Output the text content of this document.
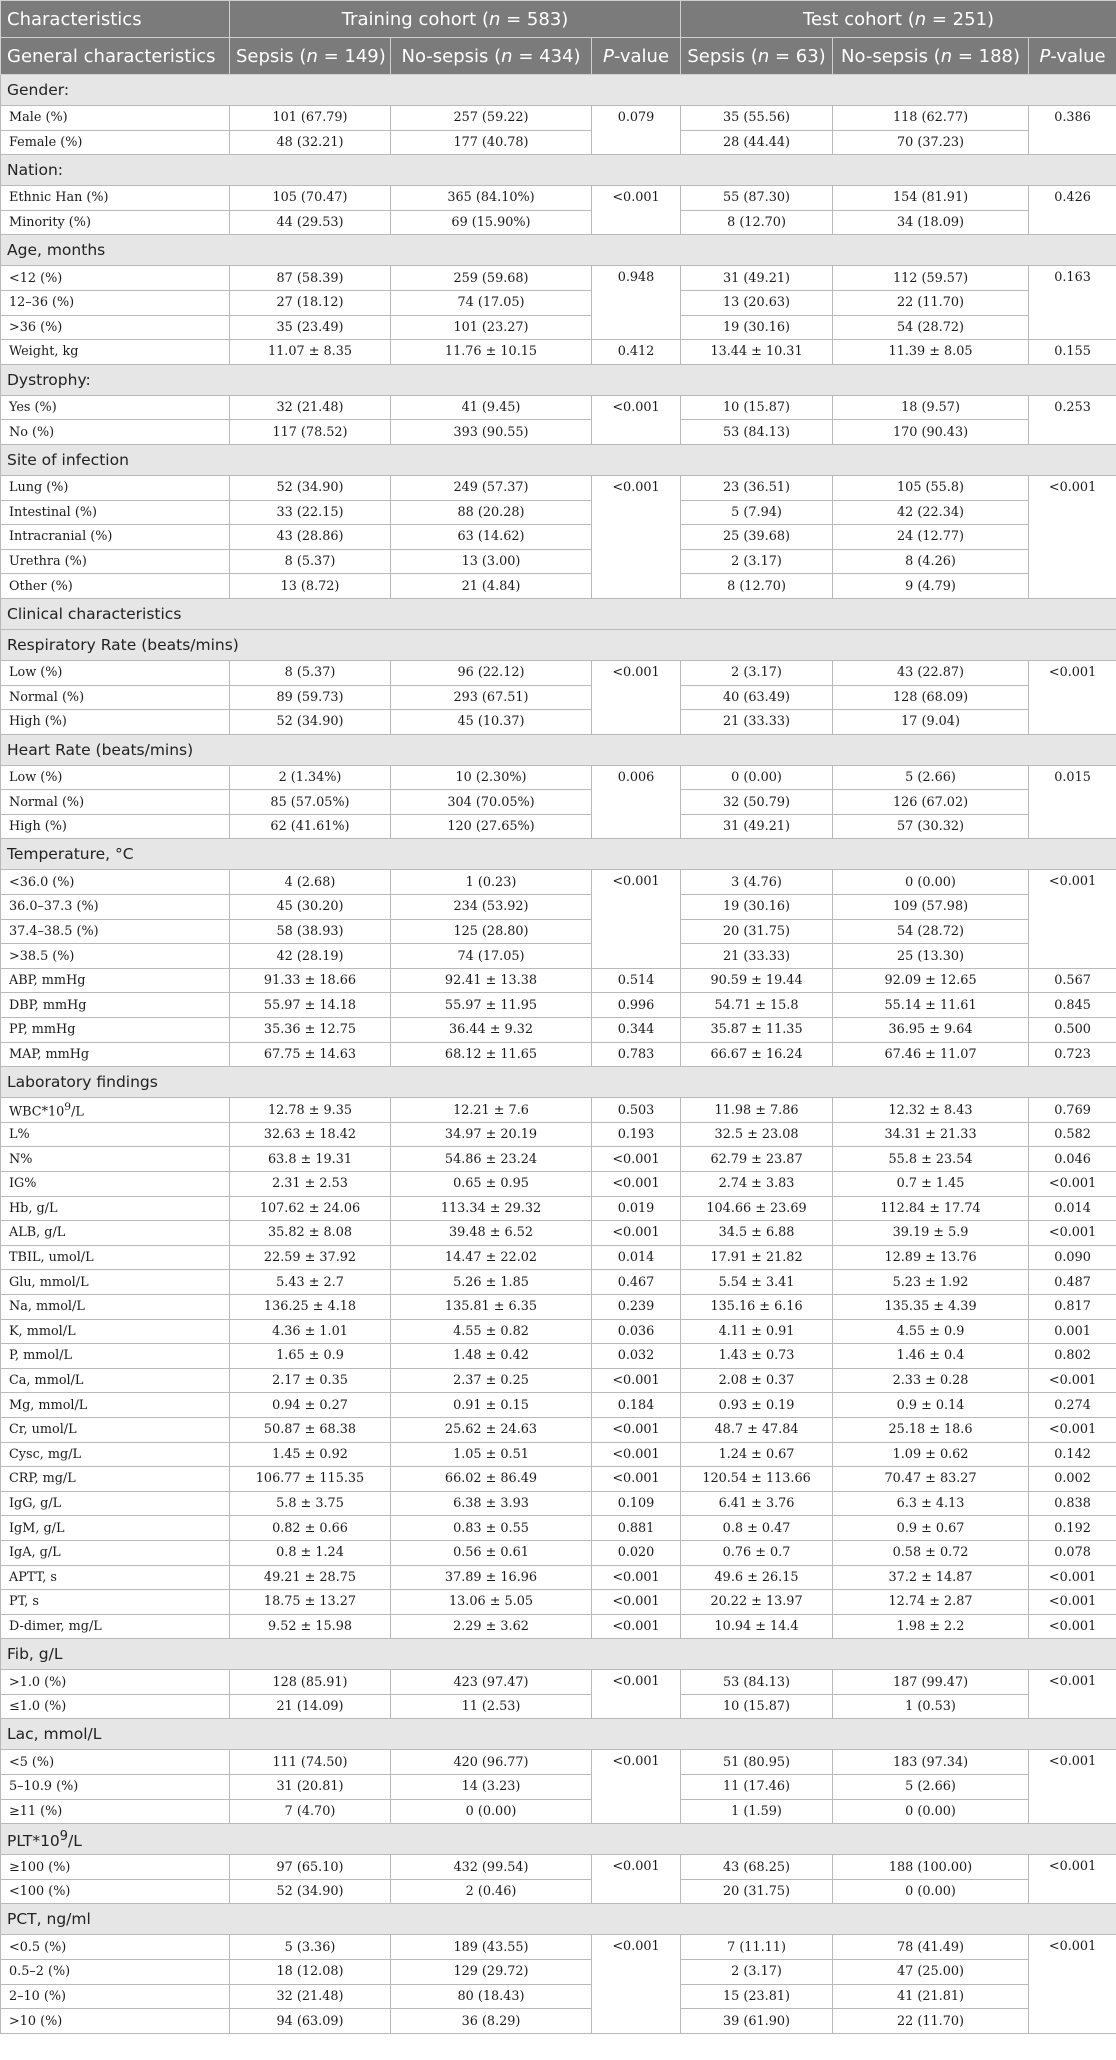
Characteristics	Training cohort (n = 583)			Test cohort (n = 251)		
General characteristics	Sepsis (n = 149)	No-sepsis (n = 434)	P-value	Sepsis (n = 63)	No-sepsis (n = 188)	P-value
Gender:						
Male (%)	101 (67.79)	257 (59.22)	0.079	35 (55.56)	118 (62.77)	0.386
Female (%)	48 (32.21)	177 (40.78)		28 (44.44)	70 (37.23)	
Nation:						
Ethnic Han (%)	105 (70.47)	365 (84.10%)	<0.001	55 (87.30)	154 (81.91)	0.426
Minority (%)	44 (29.53)	69 (15.90%)		8 (12.70)	34 (18.09)	
Age, months						
<12 (%)	87 (58.39)	259 (59.68)	0.948	31 (49.21)	112 (59.57)	0.163
12–36 (%)	27 (18.12)	74 (17.05)		13 (20.63)	22 (11.70)	
>36 (%)	35 (23.49)	101 (23.27)		19 (30.16)	54 (28.72)	
Weight, kg	11.07 ± 8.35	11.76 ± 10.15	0.412	13.44 ± 10.31	11.39 ± 8.05	0.155
Dystrophy:						
Yes (%)	32 (21.48)	41 (9.45)	<0.001	10 (15.87)	18 (9.57)	0.253
No (%)	117 (78.52)	393 (90.55)		53 (84.13)	170 (90.43)	
Site of infection						
Lung (%)	52 (34.90)	249 (57.37)	<0.001	23 (36.51)	105 (55.8)	<0.001
Intestinal (%)	33 (22.15)	88 (20.28)		5 (7.94)	42 (22.34)	
Intracranial (%)	43 (28.86)	63 (14.62)		25 (39.68)	24 (12.77)	
Urethra (%)	8 (5.37)	13 (3.00)		2 (3.17)	8 (4.26)	
Other (%)	13 (8.72)	21 (4.84)		8 (12.70)	9 (4.79)	
Clinical characteristics						
Respiratory Rate (beats/mins)						
Low (%)	8 (5.37)	96 (22.12)	<0.001	2 (3.17)	43 (22.87)	<0.001
Normal (%)	89 (59.73)	293 (67.51)		40 (63.49)	128 (68.09)	
High (%)	52 (34.90)	45 (10.37)		21 (33.33)	17 (9.04)	
Heart Rate (beats/mins)						
Low (%)	2 (1.34%)	10 (2.30%)	0.006	0 (0.00)	5 (2.66)	0.015
Normal (%)	85 (57.05%)	304 (70.05%)		32 (50.79)	126 (67.02)	
High (%)	62 (41.61%)	120 (27.65%)		31 (49.21)	57 (30.32)	
Temperature, °C						
<36.0 (%)	4 (2.68)	1 (0.23)	<0.001	3 (4.76)	0 (0.00)	<0.001
36.0–37.3 (%)	45 (30.20)	234 (53.92)		19 (30.16)	109 (57.98)	
37.4–38.5 (%)	58 (38.93)	125 (28.80)		20 (31.75)	54 (28.72)	
>38.5 (%)	42 (28.19)	74 (17.05)		21 (33.33)	25 (13.30)	
ABP, mmHg	91.33 ± 18.66	92.41 ± 13.38	0.514	90.59 ± 19.44	92.09 ± 12.65	0.567
DBP, mmHg	55.97 ± 14.18	55.97 ± 11.95	0.996	54.71 ± 15.8	55.14 ± 11.61	0.845
PP, mmHg	35.36 ± 12.75	36.44 ± 9.32	0.344	35.87 ± 11.35	36.95 ± 9.64	0.500
MAP, mmHg	67.75 ± 14.63	68.12 ± 11.65	0.783	66.67 ± 16.24	67.46 ± 11.07	0.723
Laboratory findings						
$WBC*10^9/L$	12.78 ± 9.35	12.21 ± 7.6	0.503	11.98 ± 7.86	12.32 ± 8.43	0.769
L%	32.63 ± 18.42	34.97 ± 20.19	0.193	32.5 ± 23.08	34.31 ± 21.33	0.582
N%	63.8 ± 19.31	54.86 ± 23.24	<0.001	62.79 ± 23.87	55.8 ± 23.54	0.046
IG%	2.31 ± 2.53	0.65 ± 0.95	<0.001	2.74 ± 3.83	0.7 ± 1.45	<0.001
Hb, g/L	107.62 ± 24.06	113.34 ± 29.32	0.019	104.66 ± 23.69	112.84 ± 17.74	0.014
ALB, g/L	35.82 ± 8.08	39.48 ± 6.52	<0.001	34.5 ± 6.88	39.19 ± 5.9	<0.001
TBIL, umol/L	22.59 ± 37.92	14.47 ± 22.02	0.014	17.91 ± 21.82	12.89 ± 13.76	0.090
Glu, mmol/L	5.43 ± 2.7	5.26 ± 1.85	0.467	5.54 ± 3.41	5.23 ± 1.92	0.487
Na, mmol/L	136.25 ± 4.18	135.81 ± 6.35	0.239	135.16 ± 6.16	135.35 ± 4.39	0.817
K, mmol/L	4.36 ± 1.01	4.55 ± 0.82	0.036	4.11 ± 0.91	4.55 ± 0.9	0.001
P, mmol/L	1.65 ± 0.9	1.48 ± 0.42	0.032	1.43 ± 0.73	1.46 ± 0.4	0.802
Ca, mmol/L	2.17 ± 0.35	2.37 ± 0.25	<0.001	2.08 ± 0.37	2.33 ± 0.28	<0.001
Mg, mmol/L	0.94 ± 0.27	0.91 ± 0.15	0.184	0.93 ± 0.19	0.9 ± 0.14	0.274
Cr, umol/L	50.87 ± 68.38	25.62 ± 24.63	<0.001	48.7 ± 47.84	25.18 ± 18.6	<0.001
Cysc, mg/L	1.45 ± 0.92	1.05 ± 0.51	<0.001	1.24 ± 0.67	1.09 ± 0.62	0.142
CRP, mg/L	106.77 ± 115.35	66.02 ± 86.49	<0.001	120.54 ± 113.66	70.47 ± 83.27	0.002
IgG, g/L	5.8 ± 3.75	6.38 ± 3.93	0.109	6.41 ± 3.76	6.3 ± 4.13	0.838
IgM, g/L	0.82 ± 0.66	0.83 ± 0.55	0.881	0.8 ± 0.47	0.9 ± 0.67	0.192
IgA, g/L	0.8 ± 1.24	0.56 ± 0.61	0.020	0.76 ± 0.7	0.58 ± 0.72	0.078
APTT, s	49.21 ± 28.75	37.89 ± 16.96	<0.001	49.6 ± 26.15	37.2 ± 14.87	<0.001
PT, s	18.75 ± 13.27	13.06 ± 5.05	<0.001	20.22 ± 13.97	12.74 ± 2.87	<0.001
D-dimer, mg/L	9.52 ± 15.98	2.29 ± 3.62	<0.001	10.94 ± 14.4	1.98 ± 2.2	<0.001
Fib, g/L						
>1.0 (%)	128 (85.91)	423 (97.47)	<0.001	53 (84.13)	187 (99.47)	<0.001
≤1.0 (%)	21 (14.09)	11 (2.53)		10 (15.87)	1 (0.53)	
Lac, mmol/L						
<5 (%)	111 (74.50)	420 (96.77)	<0.001	51 (80.95)	183 (97.34)	<0.001
5–10.9 (%)	31 (20.81)	14 (3.23)		11 (17.46)	5 (2.66)	
≥11 (%)	7 (4.70)	0 (0.00)		1 (1.59)	0 (0.00)	
$PLT*10^9/L$						
≥100 (%)	97 (65.10)	432 (99.54)	<0.001	43 (68.25)	188 (100.00)	<0.001
<100 (%)	52 (34.90)	2 (0.46)		20 (31.75)	0 (0.00)	
PCT, ng/ml						
<0.5 (%)	5 (3.36)	189 (43.55)	<0.001	7 (11.11)	78 (41.49)	<0.001
0.5–2 (%)	18 (12.08)	129 (29.72)		2 (3.17)	47 (25.00)	
2–10 (%)	32 (21.48)	80 (18.43)		15 (23.81)	41 (21.81)	
>10 (%)	94 (63.09)	36 (8.29)		39 (61.90)	22 (11.70)	
